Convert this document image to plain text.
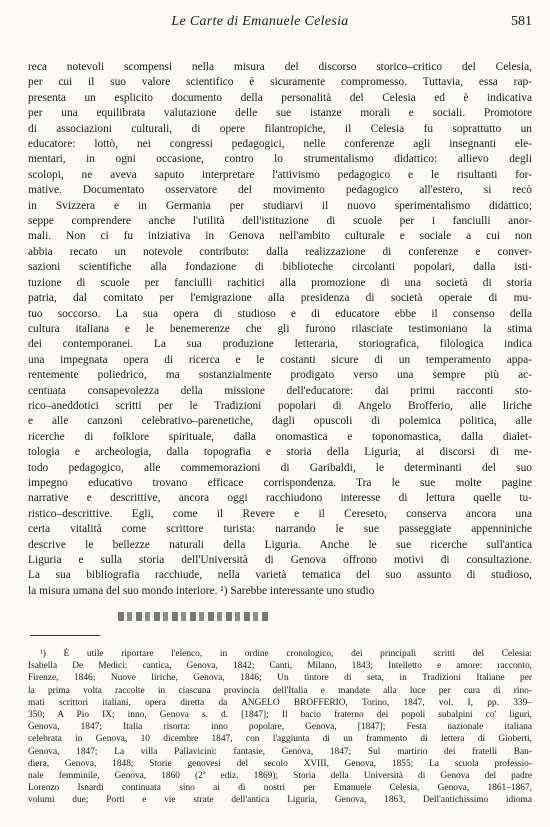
Le Carte di Emanuele Celesia	581
reca notevoli scompensi nella misura del discorso storico–critico del Celesia,
per cui il suo valore scientifico è sicuramente compromesso. Tuttavia, essa rap-
presenta un esplicito documento della personalità del Celesia ed è indicativa
per una equilibrata valutazione delle sue istanze morali e sociali. Promotore
di associazioni culturali, di opere filantropiche, il Celesia fu soprattutto un
educatore: lottò, nei congressi pedagogici, nelle conferenze agli insegnanti ele-
mentari, in ogni occasione, contro lo strumentalismo didattico: allievo degli
scolopi, ne aveva saputo interpretare l'attivismo pedagogico e le risultanti for-
mative. Documentato osservatore del movimento pedagogico all'estero, si recò
in Svizzera e in Germania per studiarvi il nuovo sperimentalismo didattico;
seppe comprendere anche l'utilità dell'istituzione di scuole per i fanciulli anor-
mali. Non ci fu iniziativa in Genova nell'ambito culturale e sociale a cui non
abbia recato un notevole contributo: dalla realizzazione di conferenze e conver-
sazioni scientifiche alla fondazione di biblioteche circolanti popolari, dalla isti-
tuzione di scuole per fanciulli rachitici alla promozione di una società di storia
patria, dal comitato per l'emigrazione alla presidenza di società operaie di mu-
tuo soccorso. La sua opera di studioso e di educatore ebbe il consenso della
cultura italiana e le benemerenze che gli furono rilasciate testimoniano la stima
dei contemporanei. La sua produzione letteraria, storiografica, filologica indica
una impegnata opera di ricerca e le costanti sicure di un temperamento appa-
rentemente poliedrico, ma sostanzialmente prodigato verso una sempre più ac-
centuata consapevolezza della missione dell'educatore: dai primi racconti sto-
rico–aneddotici scritti per le Tradizioni popolari di Angelo Brofferio, alle liriche
e alle canzoni celebrativo–parenetiche, dagli opuscoli di polemica politica, alle
ricerche di folklore spirituale, dalla onomastica e toponomastica, dalla dialet-
tologia e archeologia, dalla topografia e storia della Liguria, ai discorsi di me-
todo pedagogico, alle commemorazioni di Garibaldi, le determinanti del suo
impegno educativo trovano efficace corrispondenza. Tra le sue molte pagine
narrative e descrittive, ancora oggi racchiudono interesse di lettura quelle tu-
ristico–descrittive. Egli, come il Revere e il Cereseto, conserva ancora una
certa vitalità come scrittore turista: narrando le sue passeggiate appenniniche
descrive le bellezze naturali della Liguria. Anche le sue ricerche sull'antica
Liguria e sulla storia dell'Università di Genova offrono motivi di consultazione.
La sua bibliografia racchiude, nella varietà tematica del suo assunto di studioso,
la misura umana del suo mondo interiore. ¹) Sarebbe interessante uno studio
¹) È utile riportare l'elenco, in ordine cronologico, dei principali scritti del Celesia:
Isabella De Medici: cantica, Genova, 1842; Canti, Milano, 1843; Intelletto e amore: racconto,
Firenze, 1846; Nuove liriche, Genova, 1846; Un tintore di seta, in Tradizioni Italiane per
la prima volta raccolte in ciascuna provincia dell'Italia e mandate alla luce per cura di rino-
mati scrittori italiani, opera diretta da ANGELO BROFFERIO, Torino, 1847, vol. I, pp. 339–
350; A Pio IX; inno, Genova s. d. [1847]; Il bacio fraterno dei popoli subalpini co' liguri,
Genova, 1847; Italia risorta: inno popolare, Genova, [1847]; Festa nazionale italiana
celebrata in Genova, 10 dicembre 1847, con l'aggiunta di un frammento di lettera di Gioberti,
Genova, 1847; La villa Pallavicini: fantasie, Genova, 1847; Sul martirio dei fratelli Ban-
diera, Genova, 1848; Storie genovesi del secolo XVIII, Genova, 1855; La scuola professio-
nale femminile, Genova, 1860 (2ª ediz. 1869); Storia della Università di Genova del padre
Lorenzo Isnardi continuata sino ai dì nostri per Emanuele Celesia, Genova, 1861–1867,
volumi due; Porti e vie strate dell'antica Liguria, Genova, 1863, Dell'antichissimo idioma
